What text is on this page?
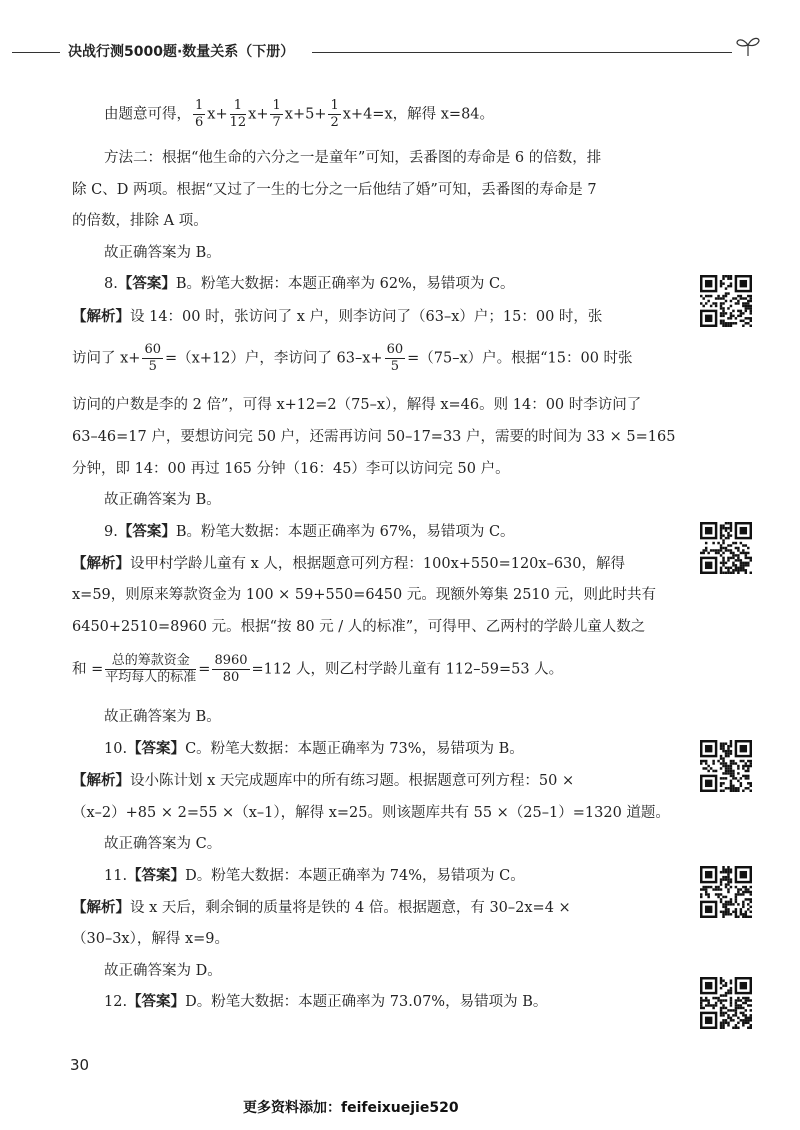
决战行测5000题·数量关系（下册）
由题意可得， $\frac{1}{6} x+ \frac{1}{12} x+ \frac{1}{7} x+5+ \frac{1}{2} x+4=x$，解得 x=84。
方法二：根据“他生命的六分之一是童年”可知，丢番图的寿命是 6 的倍数，排
除 C、D 两项。根据“又过了一生的七分之一后他结了婚”可知，丢番图的寿命是 7
的倍数，排除 A 项。
故正确答案为 B。
8.【答案】B。粉笔大数据：本题正确率为 62%，易错项为 C。
【解析】设 14：00 时，张访问了 x 户，则李访问了（63–x）户；15：00 时，张
访问了 $x+ \frac{60}{5} =(x+12)$户，李访问了 $63-x+ \frac{60}{5} =(75-x)$户。根据“15：00 时张
访问的户数是李的 2 倍”，可得 x+12=2（75–x），解得 x=46。则 14：00 时李访问了
63–46=17 户，要想访问完 50 户，还需再访问 50–17=33 户，需要的时间为 33 × 5=165
分钟，即 14：00 再过 165 分钟（16：45）李可以访问完 50 户。
故正确答案为 B。
9.【答案】B。粉笔大数据：本题正确率为 67%，易错项为 C。
【解析】设甲村学龄儿童有 x 人，根据题意可列方程：100x+550=120x–630，解得
x=59，则原来筹款资金为 100 × 59+550=6450 元。现额外筹集 2510 元，则此时共有
6450+2510=8960 元。根据“按 80 元 / 人的标准”，可得甲、乙两村的学龄儿童人数之
和 = $\frac{\text{总的筹款资金}}{\text{平均每人的标准}} = \frac{8960}{80} =112$ 人，则乙村学龄儿童有 112–59=53 人。
故正确答案为 B。
10.【答案】C。粉笔大数据：本题正确率为 73%，易错项为 B。
【解析】设小陈计划 x 天完成题库中的所有练习题。根据题意可列方程：50 ×
（x–2）+85 × 2=55 ×（x–1），解得 x=25。则该题库共有 55 ×（25–1）=1320 道题。
故正确答案为 C。
11.【答案】D。粉笔大数据：本题正确率为 74%，易错项为 C。
【解析】设 x 天后，剩余铜的质量将是铁的 4 倍。根据题意，有 30–2x=4 ×
（30–3x），解得 x=9。
故正确答案为 D。
12.【答案】D。粉笔大数据：本题正确率为 73.07%，易错项为 B。
30
更多资料添加：feifeixuejie520
